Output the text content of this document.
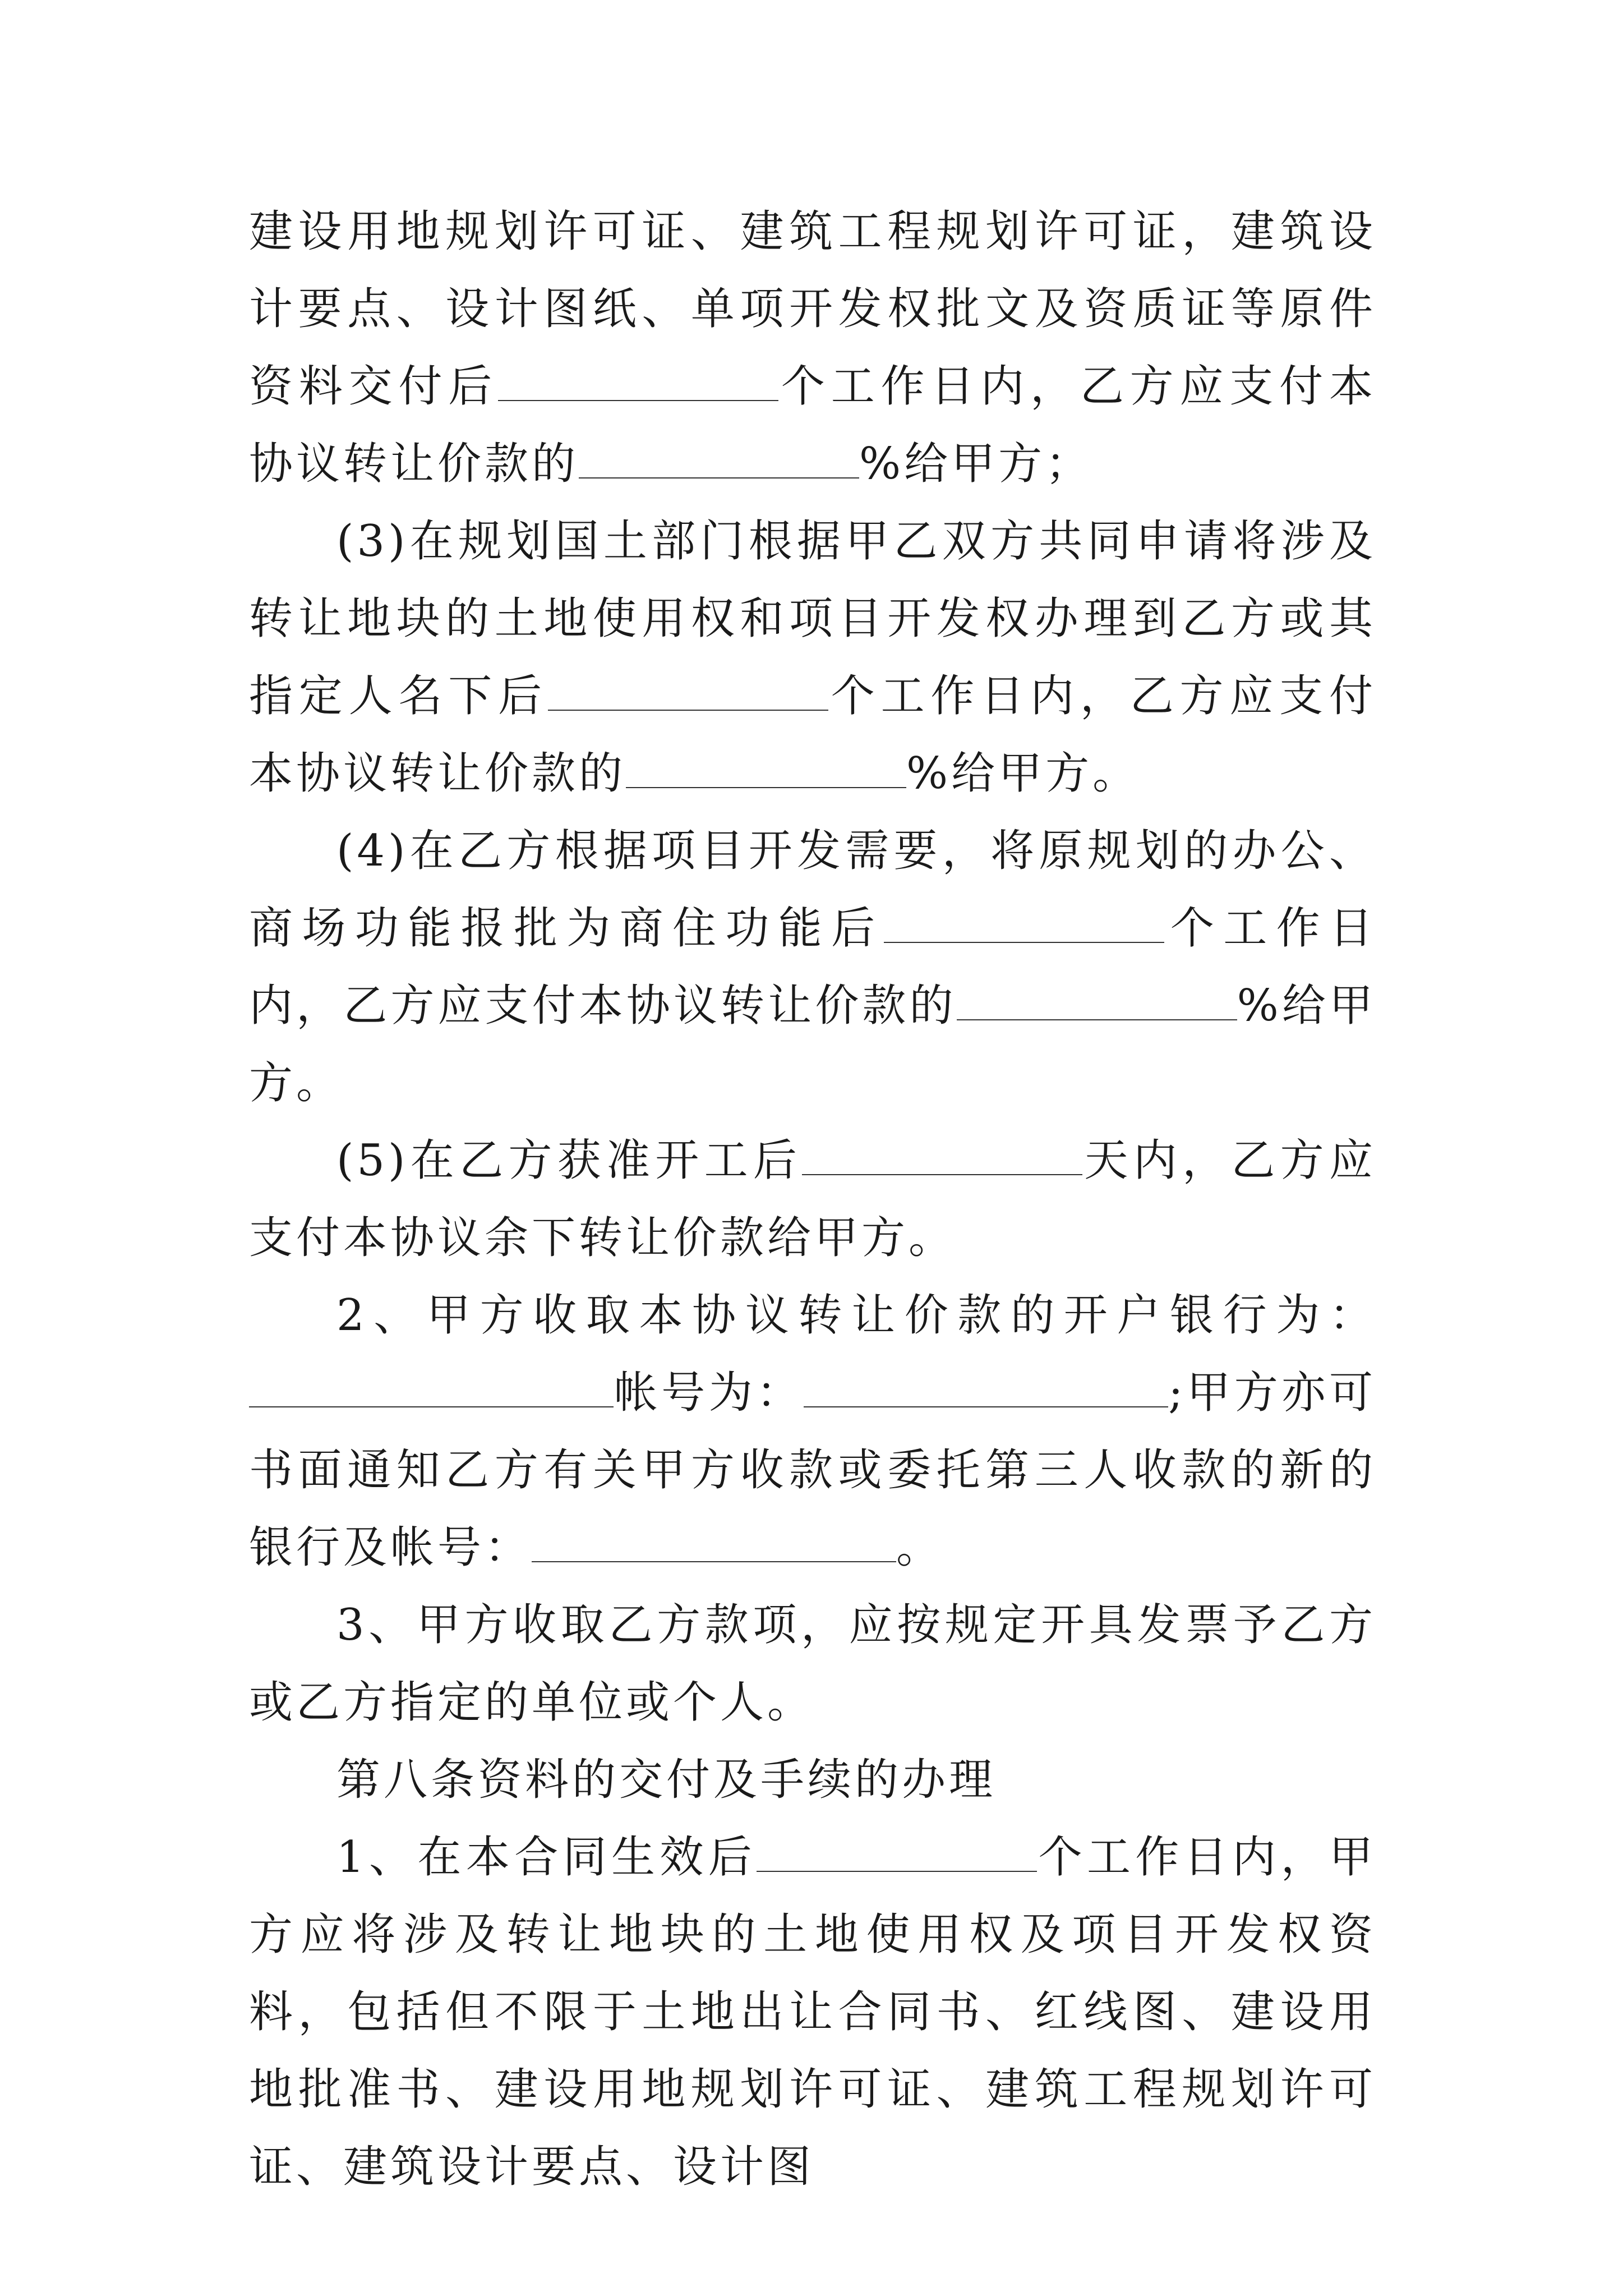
建设用地规划许可证、建筑工程规划许可证，建筑设计要点、设计图纸、单项开发权批文及资质证等原件资料交付后	个工作日内，乙方应支付本协议转让价款的	%给甲方；

(3)在规划国土部门根据甲乙双方共同申请将涉及转让地块的土地使用权和项目开发权办理到乙方或其指定人名下后	个工作日内，乙方应支付本协议转让价款的	%给甲方。

(4)在乙方根据项目开发需要，将原规划的办公、商场功能报批为商住功能后	个工作日内，乙方应支付本协议转让价款的	%给甲方。

(5)在乙方获准开工后	天内，乙方应支付本协议余下转让价款给甲方。

2、甲方收取本协议转让价款的开户银行为：帐号为：	;甲方亦可书面通知乙方有关甲方收款或委托第三人收款的新的银行及帐号：	。

3、甲方收取乙方款项，应按规定开具发票予乙方或乙方指定的单位或个人。

第八条资料的交付及手续的办理

1、在本合同生效后	个工作日内，甲方应将涉及转让地块的土地使用权及项目开发权资料，包括但不限于土地出让合同书、红线图、建设用地批准书、建设用地规划许可证、建筑工程规划许可证、建筑设计要点、设计图
